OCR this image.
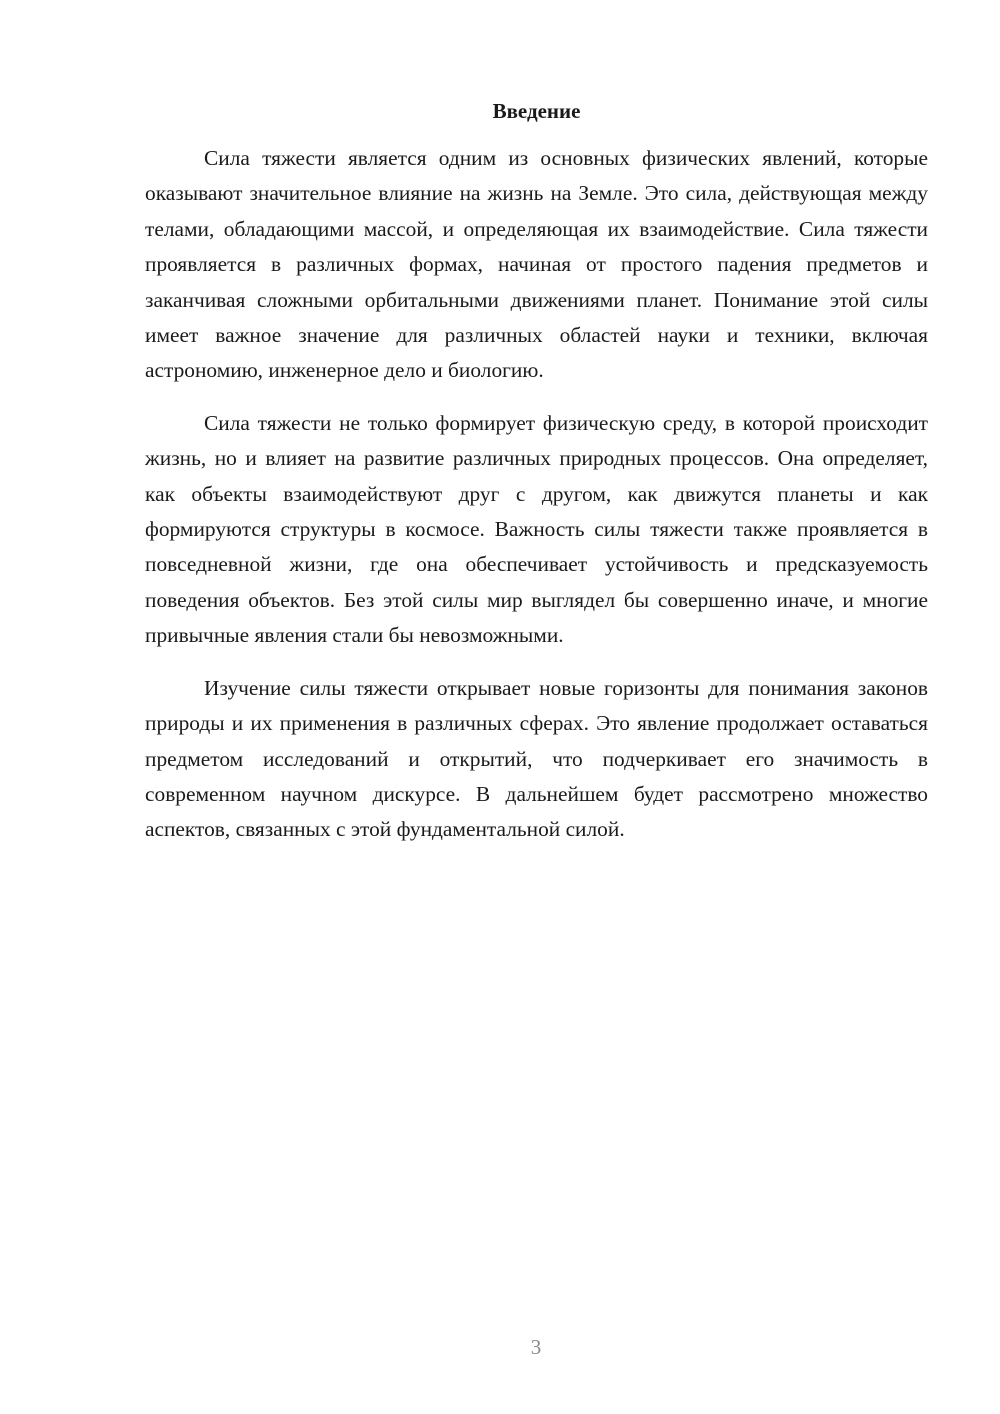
Введение

Сила тяжести является одним из основных физических явлений, которые оказывают значительное влияние на жизнь на Земле. Это сила, действующая между телами, обладающими массой, и определяющая их взаимодействие. Сила тяжести проявляется в различных формах, начиная от простого падения предметов и заканчивая сложными орбитальными движениями планет. Понимание этой силы имеет важное значение для различных областей науки и техники, включая астрономию, инженерное дело и биологию.

Сила тяжести не только формирует физическую среду, в которой происходит жизнь, но и влияет на развитие различных природных процессов. Она определяет, как объекты взаимодействуют друг с другом, как движутся планеты и как формируются структуры в космосе. Важность силы тяжести также проявляется в повседневной жизни, где она обеспечивает устойчивость и предсказуемость поведения объектов. Без этой силы мир выглядел бы совершенно иначе, и многие привычные явления стали бы невозможными.

Изучение силы тяжести открывает новые горизонты для понимания законов природы и их применения в различных сферах. Это явление продолжает оставаться предметом исследований и открытий, что подчеркивает его значимость в современном научном дискурсе. В дальнейшем будет рассмотрено множество аспектов, связанных с этой фундаментальной силой.

3
